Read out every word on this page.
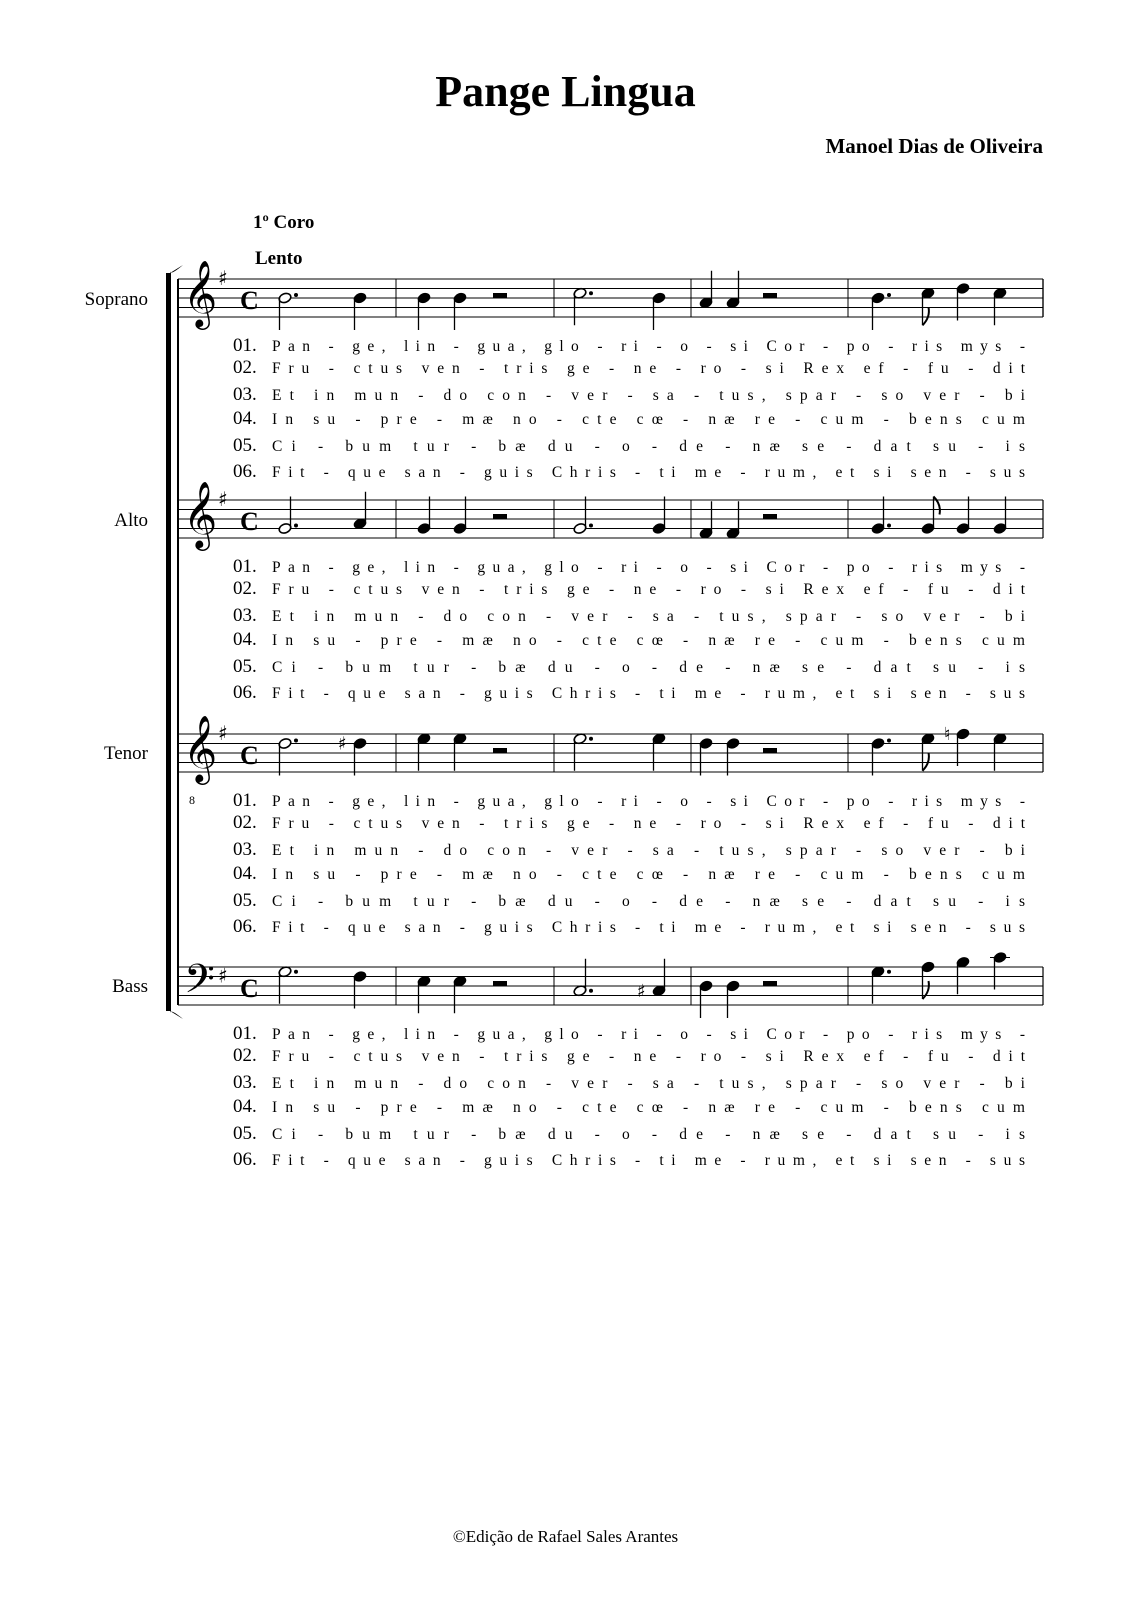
Pange Lingua
Manoel Dias de Oliveira
1º Coro
Lento
Soprano
Alto
Tenor
Bass
𝄞 ♯
C
01. Pan - ge, lin - gua, glo - ri - o - si Cor - po - ris mys -
02. Fru - ctus ven - tris ge - ne - ro - si Rex ef - fu - dit
03. Et in mun - do con - ver - sa - tus, spar - so ver - bi
04. In su - pre - mæ no - cte cœ - næ re - cum - bens cum
05. Ci - bum tur - bæ du - o - de - næ se - dat su - is
06. Fit - que san - guis Chris - ti me - rum, et si sen - sus
𝄞 ♯
C
01. Pan - ge, lin - gua, glo - ri - o - si Cor - po - ris mys -
02. Fru - ctus ven - tris ge - ne - ro - si Rex ef - fu - dit
03. Et in mun - do con - ver - sa - tus, spar - so ver - bi
04. In su - pre - mæ no - cte cœ - næ re - cum - bens cum
05. Ci - bum tur - bæ du - o - de - næ se - dat su - is
06. Fit - que san - guis Chris - ti me - rum, et si sen - sus
𝄞
8
♯
C	♯	♮
01. Pan - ge, lin - gua, glo - ri - o - si Cor - po - ris mys -
02. Fru - ctus ven - tris ge - ne - ro - si Rex ef - fu - dit
03. Et in mun - do con - ver - sa - tus, spar - so ver - bi
04. In su - pre - mæ no - cte cœ - næ re - cum - bens cum
05. Ci - bum tur - bæ du - o - de - næ se - dat su - is
06. Fit - que san - guis Chris - ti me - rum, et si sen - sus
𝄢 ♯ C	♯
01. Pan - ge, lin - gua, glo - ri - o - si Cor - po - ris mys -
02. Fru - ctus ven - tris ge - ne - ro - si Rex ef - fu - dit
03. Et in mun - do con - ver - sa - tus, spar - so ver - bi
04. In su - pre - mæ no - cte cœ - næ re - cum - bens cum
05. Ci - bum tur - bæ du - o - de - næ se - dat su - is
06. Fit - que san - guis Chris - ti me - rum, et si sen - sus
©Edição de Rafael Sales Arantes
